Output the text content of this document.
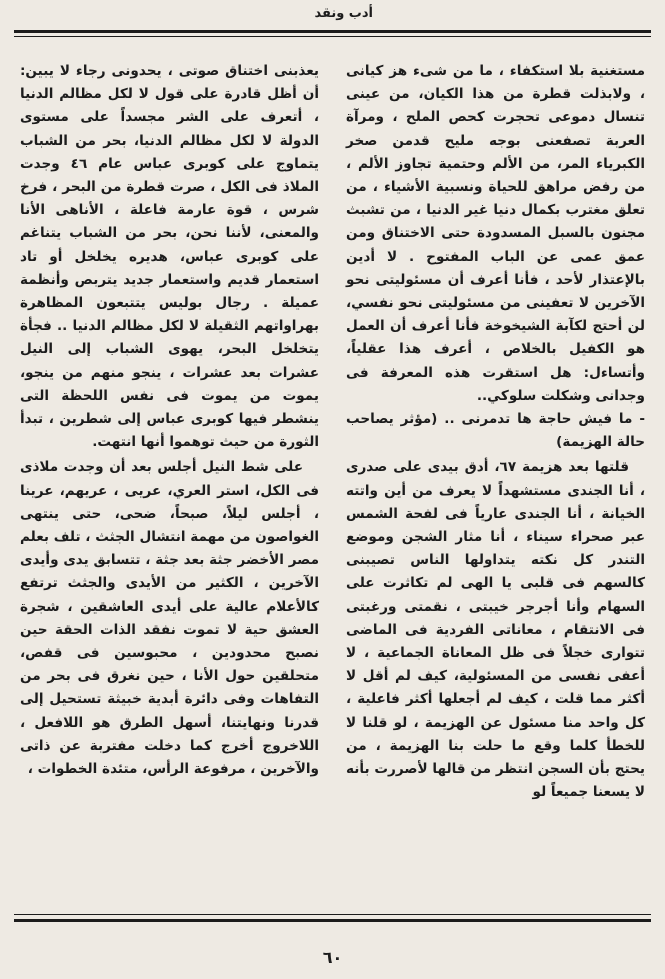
أدب ونقد

يعذبنى اختناق صوتى ، يحدونى رجاء لا يبين: أن أظل قادرة على قول لا لكل مظالم الدنيا ، أتعرف على الشر مجسداً على مستوى الدولة لا لكل مظالم الدنيا، بحر من الشباب يتماوج على كوبرى عباس عام ٤٦ وجدت الملاذ فى الكل ، صرت قطرة من البحر ، فرخ شرس ، قوة عارمة فاعلة ، الأناهى الأنا والمعنى، لأننا نحن، بحر من الشباب يتناغم على كوبرى عباس، هديره يخلخل أو تاد استعمار قديم واستعمار جديد يتربص وأنظمة عميلة . رجال بوليس يتتبعون المظاهرة بهراواتهم الثقيلة لا لكل مظالم الدنيا .. فجأة يتخلخل البحر، يهوى الشباب إلى النيل عشرات بعد عشرات ، ينجو منهم من ينجو، يموت من يموت فى نفس اللحظة التى ينشطر فيها كوبرى عباس إلى شطرين ، تبدأ الثورة من حيث توهموا أنها انتهت.

على شط النيل أجلس بعد أن وجدت ملاذى فى الكل، استر العري، عريى ، عريهم، عرينا ، أجلس ليلاً، صبحاً، ضحى، حتى ينتهى الغواصون من مهمة انتشال الجثث ، تلف بعلم مصر الأخضر جثة بعد جثة ، تتسابق يدى وأيدى الآخرين ، الكثير من الأيدى والجثث ترتفع كالأعلام عالية على أيدى العاشقين ، شجرة العشق حية لا تموت نفقد الذات الحقة حين نصبح محدودين ، محبوسين فى قفص، متحلقين حول الأنا ، حين نغرق فى بحر من التفاهات وفى دائرة أبدية خبيثة تستحيل إلى قدرنا ونهايتنا، أسهل الطرق هو اللافعل ، اللاخروج أخرج كما دخلت مفتربة عن ذاتى والآخرين ، مرفوعة الرأس، متئدة الخطوات ،

مستغنية بلا استكفاء ، ما من شىء هز كيانى ، ولابذلت قطرة من هذا الكيان، من عينى تنسال دموعى تحجرت كحص الملح ، ومرآة العربة تصفعنى بوجه مليح قدمن صخر الكبرياء المر، من الألم وحتمية تجاوز الألم ، من رفض مراهق للحياة ونسبية الأشياء ، من تعلق مغترب بكمال دنيا غير الدنيا ، من تشبث مجنون بالسبل المسدودة حتى الاختناق ومن عمق عمى عن الباب المفتوح . لا أدين بالإعتذار لأحد ، فأنا أعرف أن مسئوليتى نحو الآخرين لا تعفينى من مسئوليتى نحو نفسي، لن أحتج لكآبة الشيخوخة فأنا أعرف أن العمل هو الكفيل بالخلاص ، أعرف هذا عقلياً، وأتساءل: هل استقرت هذه المعرفة فى وجدانى وشكلت سلوكي..

- ما فيش حاجة ها تدمرنى .. (مؤثر يصاحب حالة الهزيمة)

قلتها بعد هزيمة ٦٧، أدق بيدى على صدرى ، أنا الجندى مستشهداً لا يعرف من أين واتته الخيانة ، أنا الجندى عارياً فى لفحة الشمس عبر صحراء سيناء ، أنا مثار الشجن وموضع التندر كل نكته يتداولها الناس تصيبنى كالسهم فى قلبى يا الهى لم تكاثرت على السهام وأنا أجرجر خيبتى ، نقمتى ورغبتى فى الانتقام ، معاناتى الفردية فى الماضى تتوارى خجلاً فى ظل المعاناة الجماعية ، لا أعفى نفسى من المسئولية، كيف لم أقل لا أكثر مما قلت ، كيف لم أجعلها أكثر فاعلية ، كل واحد منا مسئول عن الهزيمة ، لو قلنا لا للخطأ كلما وقع ما حلت بنا الهزيمة ، من يحتج بأن السجن انتظر من قالها لأصررت بأنه لا يسعنا جميعاً لو

٦٠
